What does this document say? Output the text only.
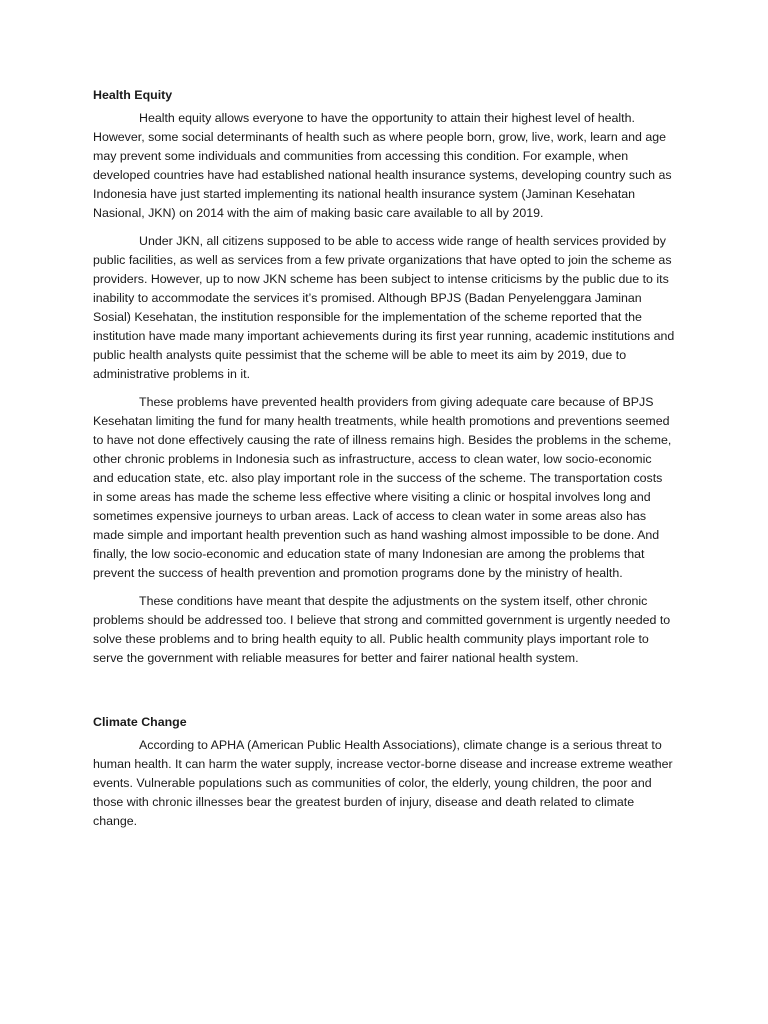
Health Equity

Health equity allows everyone to have the opportunity to attain their highest level of health. However, some social determinants of health such as where people born, grow, live, work, learn and age may prevent some individuals and communities from accessing this condition. For example, when developed countries have had established national health insurance systems, developing country such as Indonesia have just started implementing its national health insurance system (Jaminan Kesehatan Nasional, JKN) on 2014 with the aim of making basic care available to all by 2019.

Under JKN, all citizens supposed to be able to access wide range of health services provided by public facilities, as well as services from a few private organizations that have opted to join the scheme as providers. However, up to now JKN scheme has been subject to intense criticisms by the public due to its inability to accommodate the services it’s promised. Although BPJS (Badan Penyelenggara Jaminan Sosial) Kesehatan, the institution responsible for the implementation of the scheme reported that the institution have made many important achievements during its first year running, academic institutions and public health analysts quite pessimist that the scheme will be able to meet its aim by 2019, due to administrative problems in it.

These problems have prevented health providers from giving adequate care because of BPJS Kesehatan limiting the fund for many health treatments, while health promotions and preventions seemed to have not done effectively causing the rate of illness remains high. Besides the problems in the scheme, other chronic problems in Indonesia such as infrastructure, access to clean water, low socio-economic and education state, etc. also play important role in the success of the scheme. The transportation costs in some areas has made the scheme less effective where visiting a clinic or hospital involves long and sometimes expensive journeys to urban areas. Lack of access to clean water in some areas also has made simple and important health prevention such as hand washing almost impossible to be done. And finally, the low socio-economic and education state of many Indonesian are among the problems that prevent the success of health prevention and promotion programs done by the ministry of health.

These conditions have meant that despite the adjustments on the system itself, other chronic problems should be addressed too. I believe that strong and committed government is urgently needed to solve these problems and to bring health equity to all. Public health community plays important role to serve the government with reliable measures for better and fairer national health system.

Climate Change

According to APHA (American Public Health Associations), climate change is a serious threat to human health. It can harm the water supply, increase vector-borne disease and increase extreme weather events. Vulnerable populations such as communities of color, the elderly, young children, the poor and those with chronic illnesses bear the greatest burden of injury, disease and death related to climate change.
